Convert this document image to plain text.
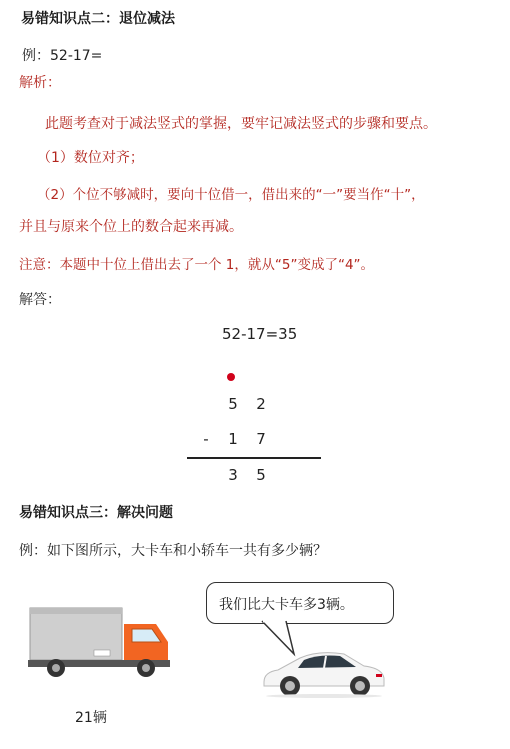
易错知识点二：退位减法
例：52-17=
解析：
此题考查对于减法竖式的掌握，要牢记减法竖式的步骤和要点。
（1）数位对齐；
（2）个位不够减时，要向十位借一，借出来的“一”要当作“十”，
并且与原来个位上的数合起来再减。
注意：本题中十位上借出去了一个 1，就从“5”变成了“4”。
解答：
52-17=35
5 2
-	1 7
3 5
易错知识点三：解决问题
例：如下图所示，大卡车和小轿车一共有多少辆？
我们比大卡车多3辆。
21辆
